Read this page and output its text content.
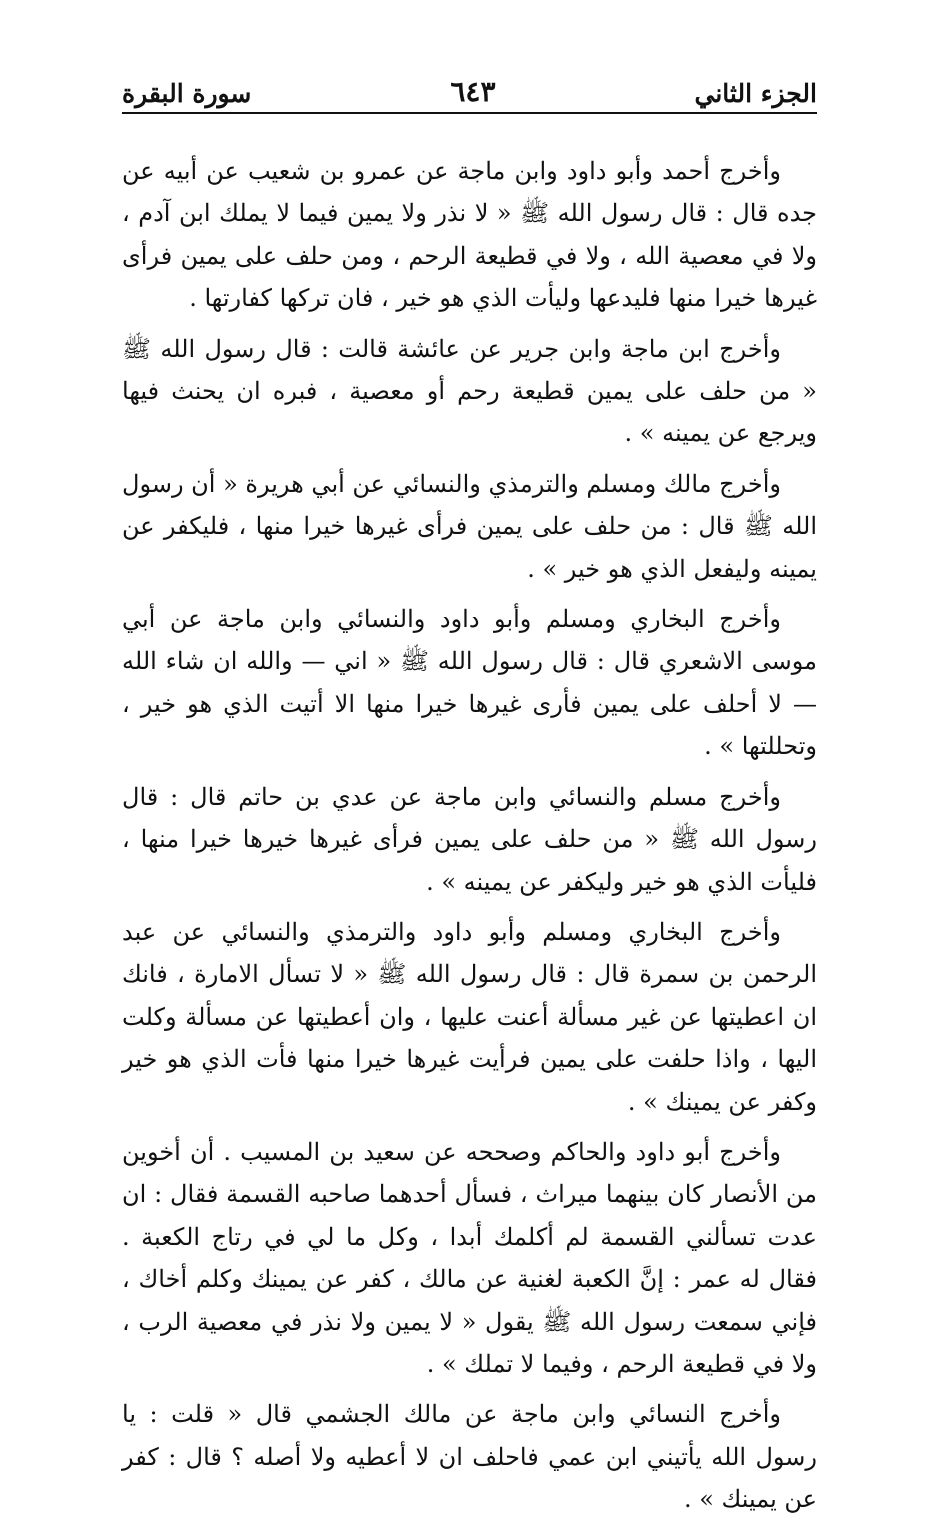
سورة البقرة	٦٤٣	الجزء الثاني

وأخرج أحمد وأبو داود وابن ماجة عن عمرو بن شعيب عن أبيه عن جده قال : قال رسول الله ﷺ « لا نذر ولا يمين فيما لا يملك ابن آدم ، ولا في معصية الله ، ولا في قطيعة الرحم ، ومن حلف على يمين فرأى غيرها خيرا منها فليدعها وليأت الذي هو خير ، فان تركها كفارتها .

وأخرج ابن ماجة وابن جرير عن عائشة قالت : قال رسول الله ﷺ « من حلف على يمين قطيعة رحم أو معصية ، فبره ان يحنث فيها ويرجع عن يمينه » .

وأخرج مالك ومسلم والترمذي والنسائي عن أبي هريرة « أن رسول الله ﷺ قال : من حلف على يمين فرأى غيرها خيرا منها ، فليكفر عن يمينه وليفعل الذي هو خير » .

وأخرج البخاري ومسلم وأبو داود والنسائي وابن ماجة عن أبي موسى الاشعري قال : قال رسول الله ﷺ « اني — والله ان شاء الله — لا أحلف على يمين فأرى غيرها خيرا منها الا أتيت الذي هو خير ، وتحللتها » .

وأخرج مسلم والنسائي وابن ماجة عن عدي بن حاتم قال : قال رسول الله ﷺ « من حلف على يمين فرأى غيرها خيرها خيرا منها ، فليأت الذي هو خير وليكفر عن يمينه » .

وأخرج البخاري ومسلم وأبو داود والترمذي والنسائي عن عبد الرحمن بن سمرة قال : قال رسول الله ﷺ « لا تسأل الامارة ، فانك ان اعطيتها عن غير مسألة أعنت عليها ، وان أعطيتها عن مسألة وكلت اليها ، واذا حلفت على يمين فرأيت غيرها خيرا منها فأت الذي هو خير وكفر عن يمينك » .

وأخرج أبو داود والحاكم وصححه عن سعيد بن المسيب . أن أخوين من الأنصار كان بينهما ميراث ، فسأل أحدهما صاحبه القسمة فقال : ان عدت تسألني القسمة لم أكلمك أبدا ، وكل ما لي في رتاج الكعبة . فقال له عمر : إنَّ الكعبة لغنية عن مالك ، كفر عن يمينك وكلم أخاك ، فإني سمعت رسول الله ﷺ يقول « لا يمين ولا نذر في معصية الرب ، ولا في قطيعة الرحم ، وفيما لا تملك » .

وأخرج النسائي وابن ماجة عن مالك الجشمي قال « قلت : يا رسول الله يأتيني ابن عمي فاحلف ان لا أعطيه ولا أصله ؟ قال : كفر عن يمينك » .
